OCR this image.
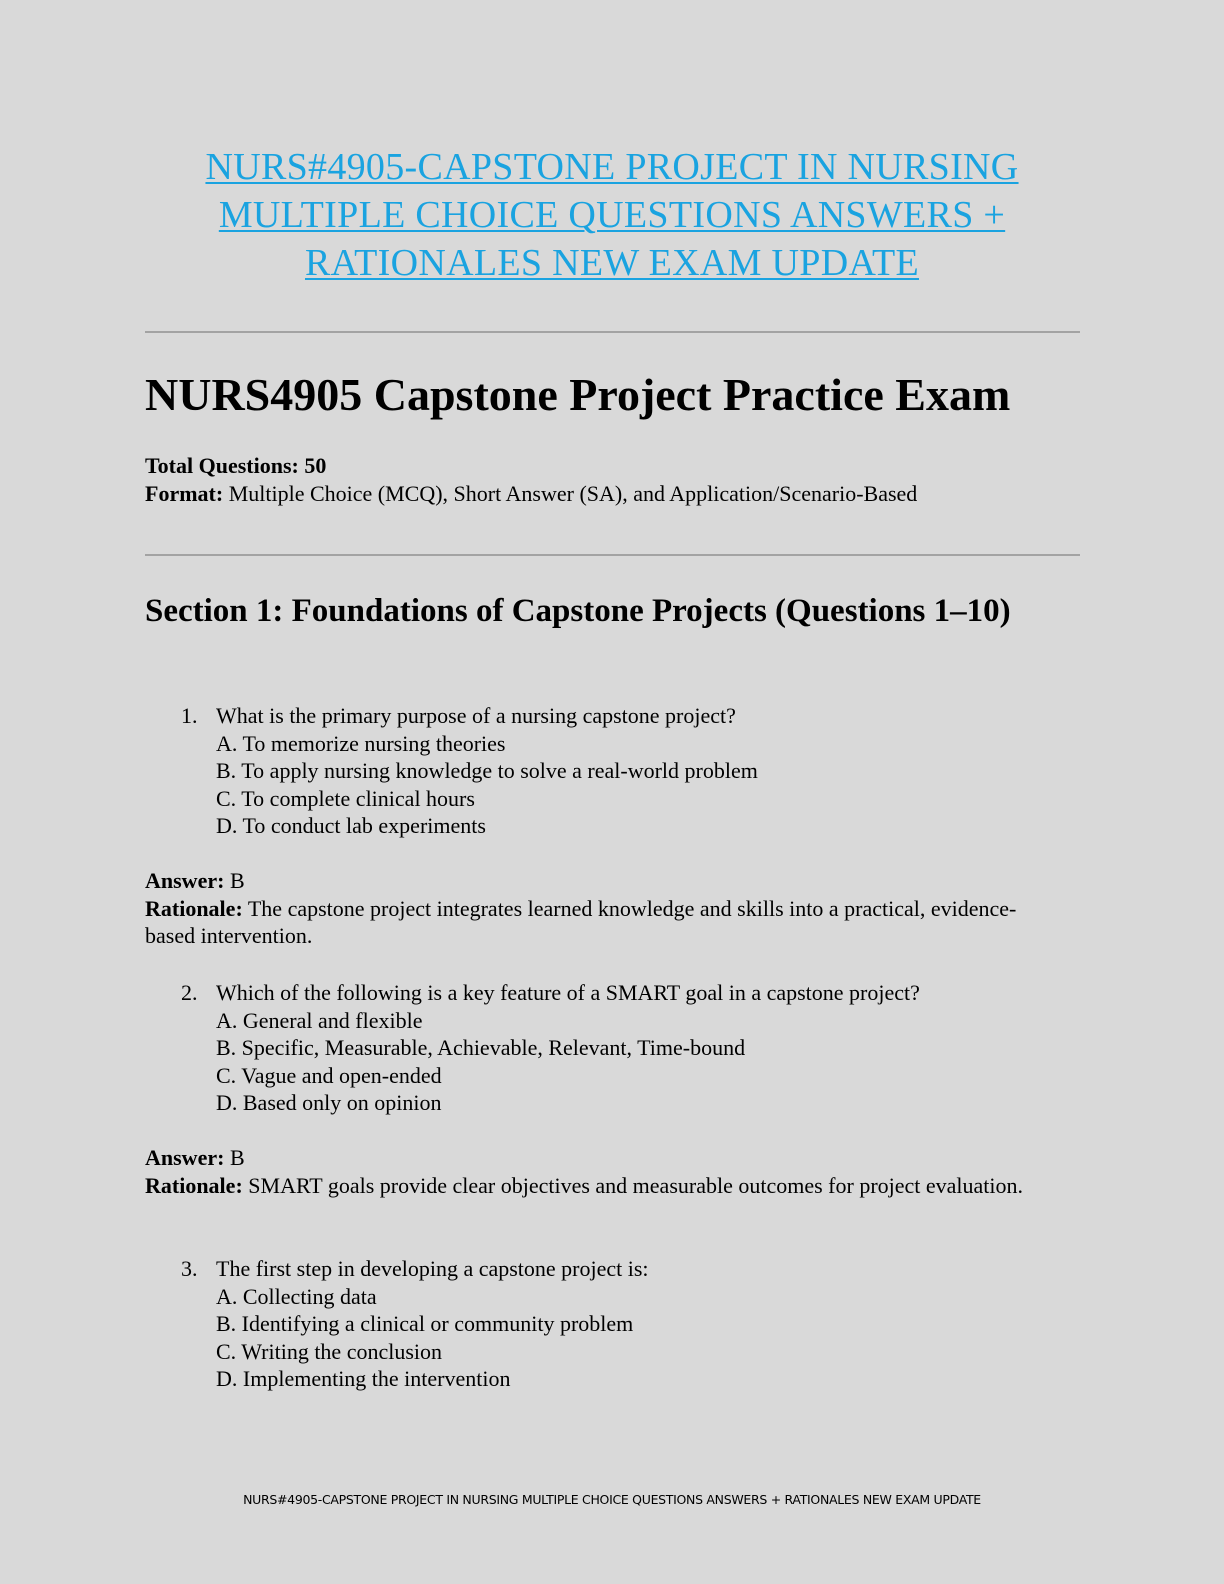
NURS#4905-CAPSTONE PROJECT IN NURSING
MULTIPLE CHOICE QUESTIONS ANSWERS +
RATIONALES NEW EXAM UPDATE
NURS4905 Capstone Project Practice Exam
Total Questions: 50
Format: Multiple Choice (MCQ), Short Answer (SA), and Application/Scenario-Based
Section 1: Foundations of Capstone Projects (Questions 1–10)
1. What is the primary purpose of a nursing capstone project?
A. To memorize nursing theories
B. To apply nursing knowledge to solve a real-world problem
C. To complete clinical hours
D. To conduct lab experiments
Answer: B
Rationale: The capstone project integrates learned knowledge and skills into a practical, evidence-based intervention.
2. Which of the following is a key feature of a SMART goal in a capstone project?
A. General and flexible
B. Specific, Measurable, Achievable, Relevant, Time-bound
C. Vague and open-ended
D. Based only on opinion
Answer: B
Rationale: SMART goals provide clear objectives and measurable outcomes for project evaluation.
3. The first step in developing a capstone project is:
A. Collecting data
B. Identifying a clinical or community problem
C. Writing the conclusion
D. Implementing the intervention
NURS#4905-CAPSTONE PROJECT IN NURSING MULTIPLE CHOICE QUESTIONS ANSWERS + RATIONALES NEW EXAM UPDATE
